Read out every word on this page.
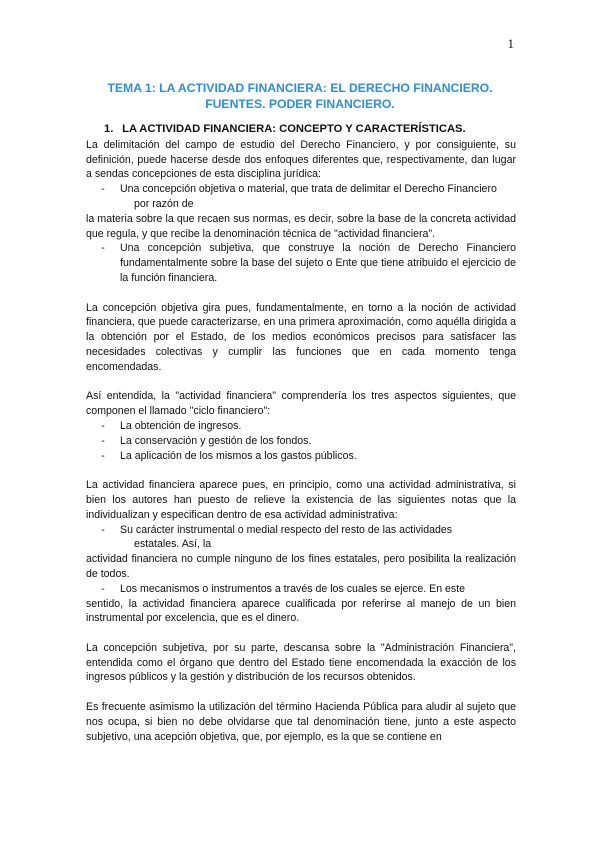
1
TEMA 1: LA ACTIVIDAD FINANCIERA: EL DERECHO FINANCIERO.
FUENTES. PODER FINANCIERO.
1. LA ACTIVIDAD FINANCIERA: CONCEPTO Y CARACTERÍSTICAS.

La delimitación del campo de estudio del Derecho Financiero, y por consiguiente, su definición, puede hacerse desde dos enfoques diferentes que, respectivamente, dan lugar a sendas concepciones de esta disciplina jurídica:

-	Una concepción objetiva o material, que trata de delimitar el Derecho Financiero
por razón de

la materia sobre la que recaen sus normas, es decir, sobre la base de la concreta actividad que regula, y que recibe la denominación técnica de "actividad financiera".

-	Una concepción subjetiva, que construye la noción de Derecho Financiero fundamentalmente sobre la base del sujeto o Ente que tiene atribuido el ejercicio de la función financiera.

La concepción objetiva gira pues, fundamentalmente, en torno a la noción de actividad financiera, que puede caracterizarse, en una primera aproximación, como aquélla dirigida a la obtención por el Estado, de los medios económicos precisos para satisfacer las necesidades colectivas y cumplir las funciones que en cada momento tenga encomendadas.

Así entendida, la "actividad financiera" comprendería los tres aspectos siguientes, que componen el llamado "ciclo financiero":

-	La obtención de ingresos.
-	La conservación y gestión de los fondos.
-	La aplicación de los mismos a los gastos públicos.

La actividad financiera aparece pues, en principio, como una actividad administrativa, si bien los autores han puesto de relieve la existencia de las siguientes notas que la individualizan y especifican dentro de esa actividad administrativa:

-	Su carácter instrumental o medial respecto del resto de las actividades
estatales. Así, la

actividad financiera no cumple ninguno de los fines estatales, pero posibilita la realización de todos.

-	Los mecanismos o instrumentos a través de los cuales se ejerce. En este

sentido, la actividad financiera aparece cualificada por referirse al manejo de un bien instrumental por excelencia, que es el dinero.

La concepción subjetiva, por su parte, descansa sobre la "Administración Financiera", entendida como el órgano que dentro del Estado tiene encomendada la exacción de los ingresos públicos y la gestión y distribución de los recursos obtenidos.

Es frecuente asimismo la utilización del término Hacienda Pública para aludir al sujeto que nos ocupa, si bien no debe olvidarse que tal denominación tiene, junto a este aspecto subjetivo, una acepción objetiva, que, por ejemplo, es la que se contiene en
